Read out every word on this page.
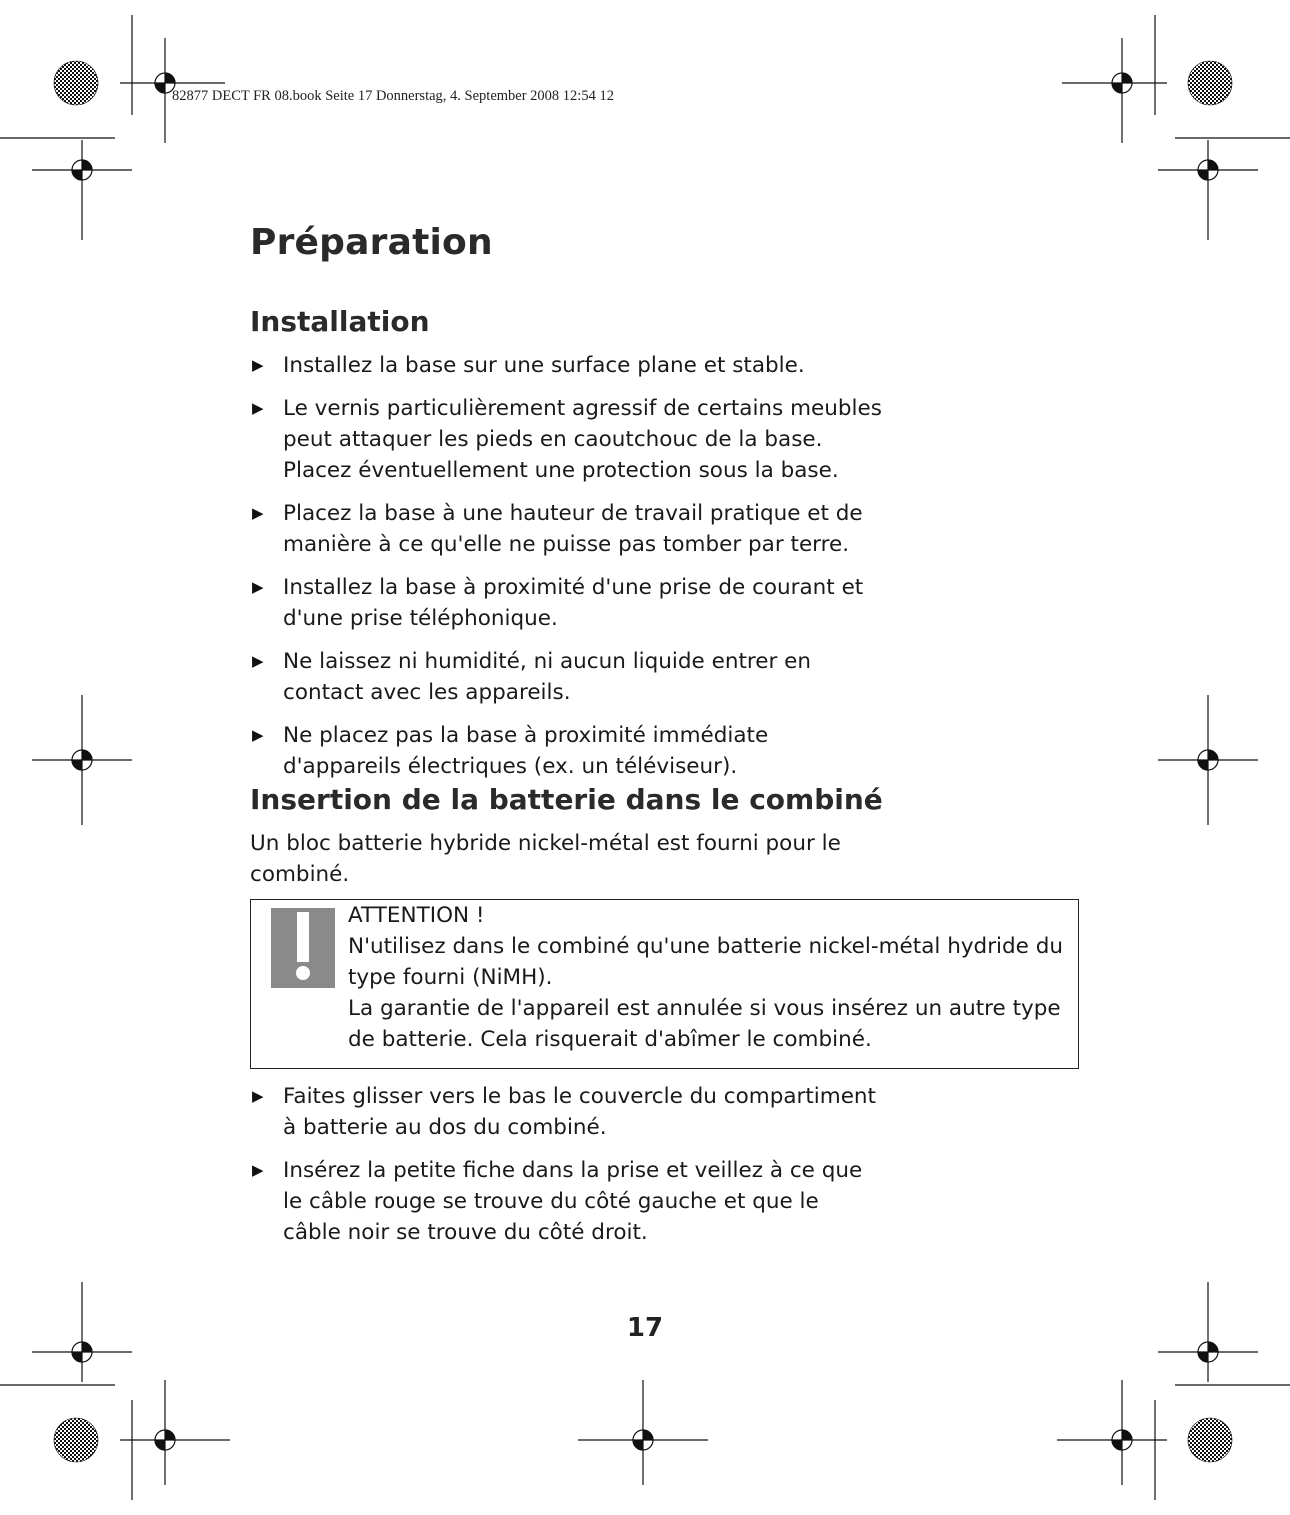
82877 DECT FR 08.book Seite 17 Donnerstag, 4. September 2008 12:54 12
Préparation
Installation
▶ Installez la base sur une surface plane et stable.
▶ Le vernis particulièrement agressif de certains meubles peut attaquer les pieds en caoutchouc de la base. Placez éventuellement une protection sous la base.
▶ Placez la base à une hauteur de travail pratique et de manière à ce qu'elle ne puisse pas tomber par terre.
▶ Installez la base à proximité d'une prise de courant et d'une prise téléphonique.
▶ Ne laissez ni humidité, ni aucun liquide entrer en contact avec les appareils.
▶ Ne placez pas la base à proximité immédiate d'appareils électriques (ex. un téléviseur).
Insertion de la batterie dans le combiné

Un bloc batterie hybride nickel-métal est fourni pour le combiné.

ATTENTION !
N'utilisez dans le combiné qu'une batterie nickel-métal hydride du type fourni (NiMH).
La garantie de l'appareil est annulée si vous insérez un autre type de batterie. Cela risquerait d'abîmer le combiné.
▶ Faites glisser vers le bas le couvercle du compartiment à batterie au dos du combiné.
▶ Insérez la petite fiche dans la prise et veillez à ce que le câble rouge se trouve du côté gauche et que le câble noir se trouve du côté droit.
17
